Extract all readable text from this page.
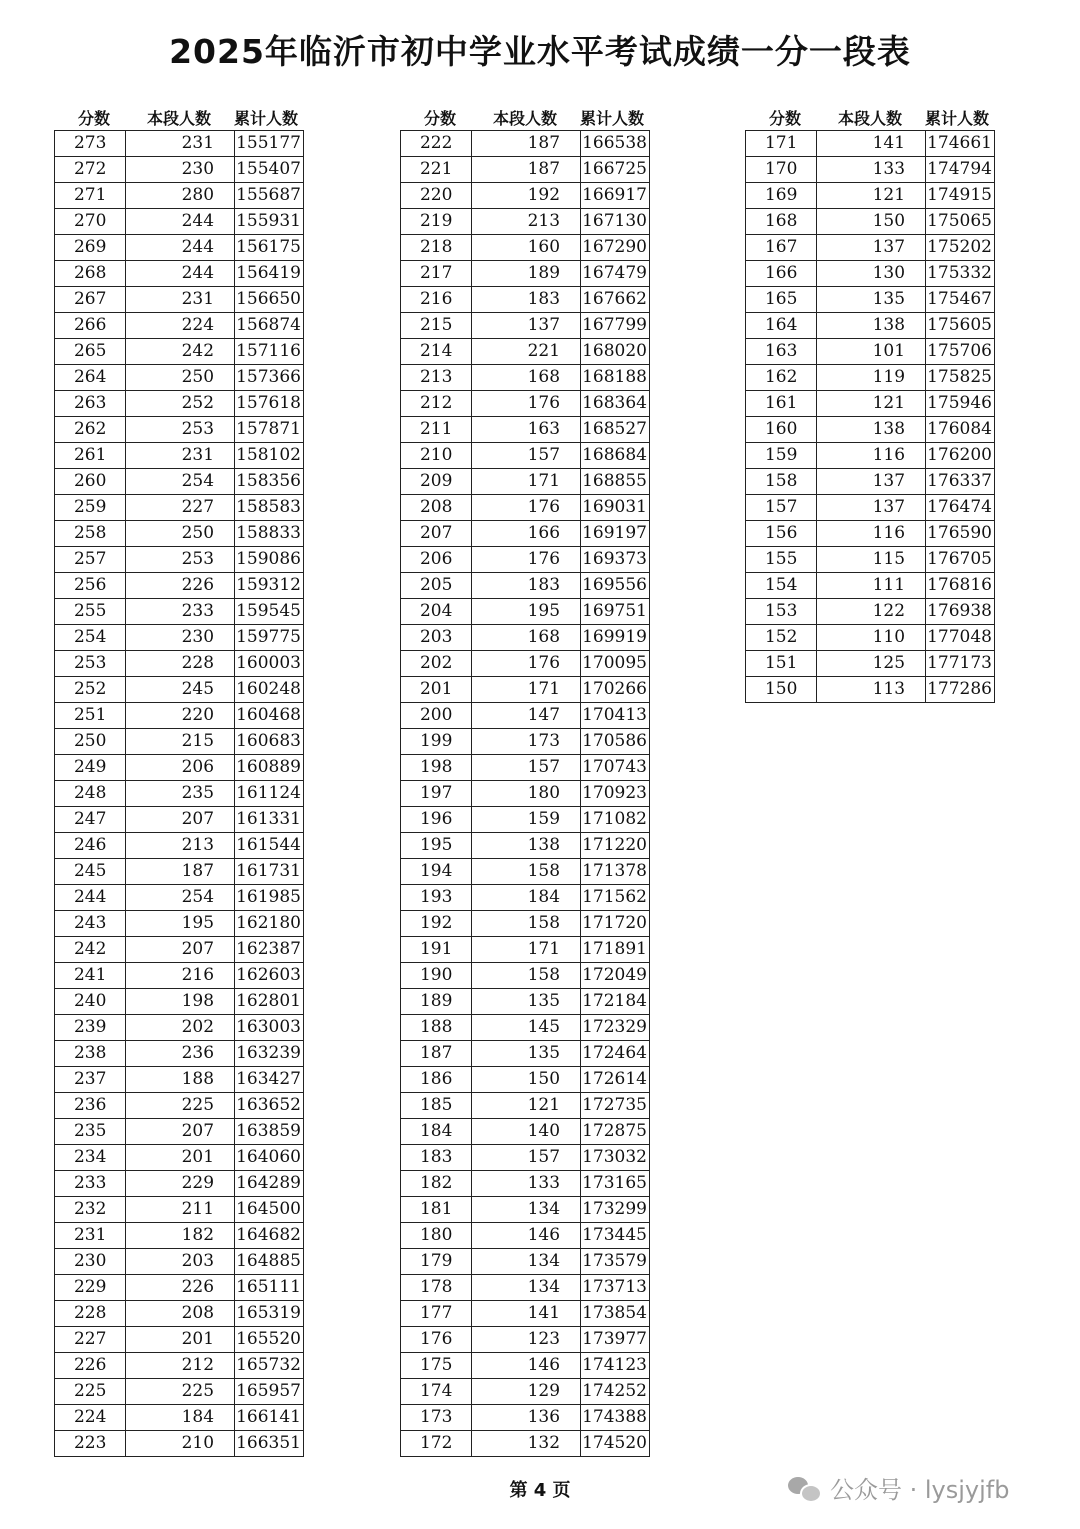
2025年临沂市初中学业水平考试成绩一分一段表
分数	本段人数	累计人数
273	231	155177
272	230	155407
271	280	155687
270	244	155931
269	244	156175
268	244	156419
267	231	156650
266	224	156874
265	242	157116
264	250	157366
263	252	157618
262	253	157871
261	231	158102
260	254	158356
259	227	158583
258	250	158833
257	253	159086
256	226	159312
255	233	159545
254	230	159775
253	228	160003
252	245	160248
251	220	160468
250	215	160683
249	206	160889
248	235	161124
247	207	161331
246	213	161544
245	187	161731
244	254	161985
243	195	162180
242	207	162387
241	216	162603
240	198	162801
239	202	163003
238	236	163239
237	188	163427
236	225	163652
235	207	163859
234	201	164060
233	229	164289
232	211	164500
231	182	164682
230	203	164885
229	226	165111
228	208	165319
227	201	165520
226	212	165732
225	225	165957
224	184	166141
223	210	166351
分数	本段人数	累计人数
222	187	166538
221	187	166725
220	192	166917
219	213	167130
218	160	167290
217	189	167479
216	183	167662
215	137	167799
214	221	168020
213	168	168188
212	176	168364
211	163	168527
210	157	168684
209	171	168855
208	176	169031
207	166	169197
206	176	169373
205	183	169556
204	195	169751
203	168	169919
202	176	170095
201	171	170266
200	147	170413
199	173	170586
198	157	170743
197	180	170923
196	159	171082
195	138	171220
194	158	171378
193	184	171562
192	158	171720
191	171	171891
190	158	172049
189	135	172184
188	145	172329
187	135	172464
186	150	172614
185	121	172735
184	140	172875
183	157	173032
182	133	173165
181	134	173299
180	146	173445
179	134	173579
178	134	173713
177	141	173854
176	123	173977
175	146	174123
174	129	174252
173	136	174388
172	132	174520
分数	本段人数	累计人数
171	141	174661
170	133	174794
169	121	174915
168	150	175065
167	137	175202
166	130	175332
165	135	175467
164	138	175605
163	101	175706
162	119	175825
161	121	175946
160	138	176084
159	116	176200
158	137	176337
157	137	176474
156	116	176590
155	115	176705
154	111	176816
153	122	176938
152	110	177048
151	125	177173
150	113	177286
第 4 页	公众号 · lysjyjfb
